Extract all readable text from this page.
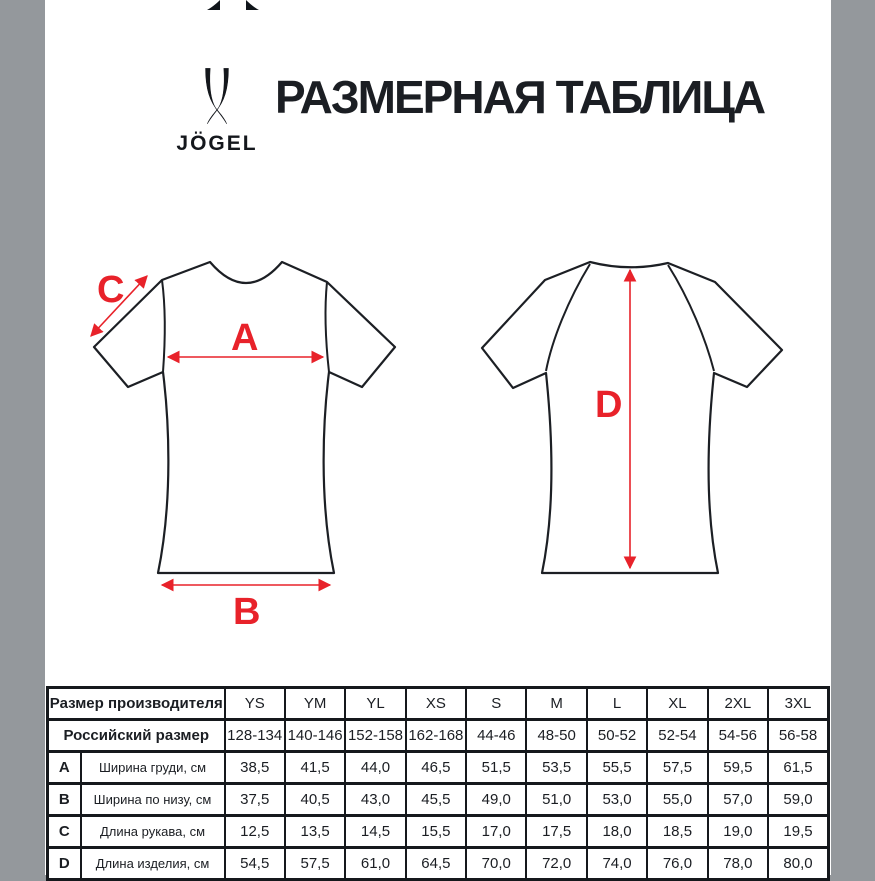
JÖGEL
РАЗМЕРНАЯ ТАБЛИЦА
A
B
C
D
Размер производителя		YS	YM	YL	XS	S	M	L	XL	2XL	3XL
Российский размер		128-134	140-146	152-158	162-168	44-46	48-50	50-52	52-54	54-56	56-58
A	Ширина груди, см	38,5	41,5	44,0	46,5	51,5	53,5	55,5	57,5	59,5	61,5
B	Ширина по низу, см	37,5	40,5	43,0	45,5	49,0	51,0	53,0	55,0	57,0	59,0
C	Длина рукава, см	12,5	13,5	14,5	15,5	17,0	17,5	18,0	18,5	19,0	19,5
D	Длина изделия, см	54,5	57,5	61,0	64,5	70,0	72,0	74,0	76,0	78,0	80,0
